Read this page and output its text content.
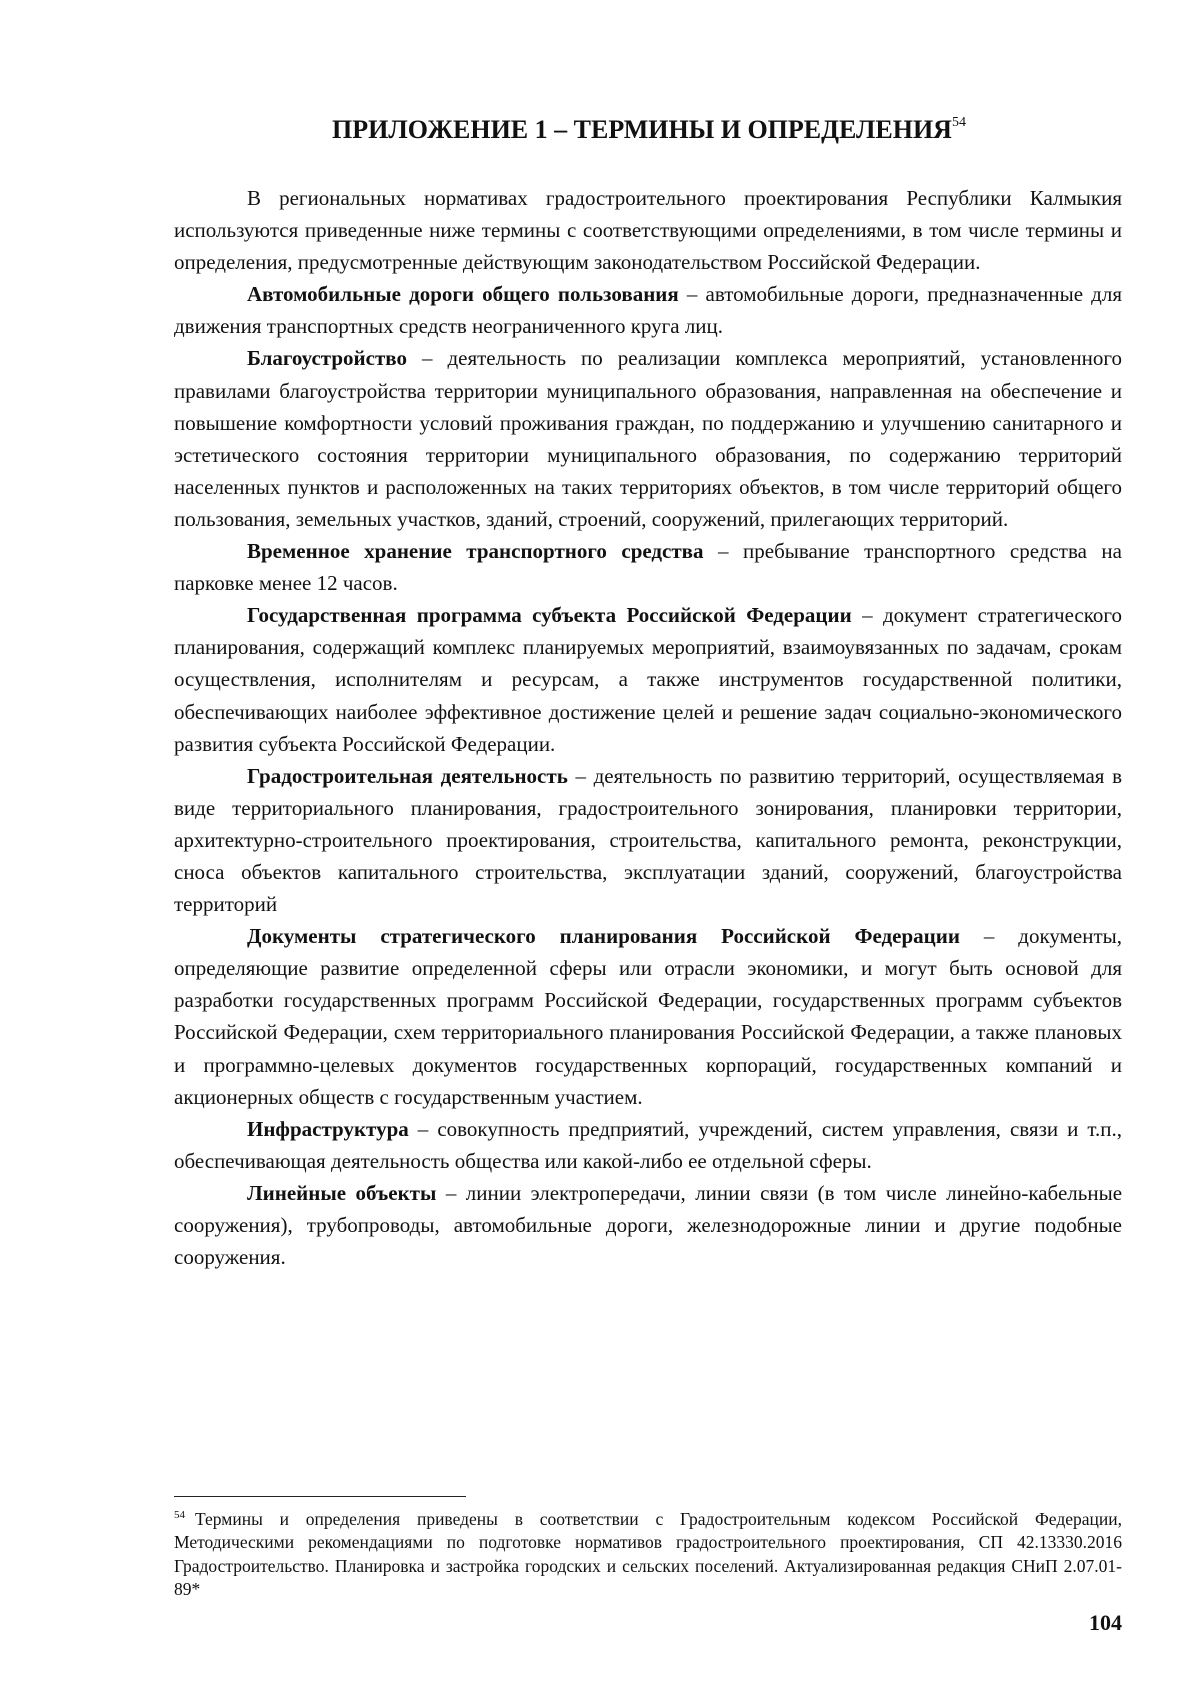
ПРИЛОЖЕНИЕ 1 – ТЕРМИНЫ И ОПРЕДЕЛЕНИЯ$^{54}$

В региональных нормативах градостроительного проектирования Республики Калмыкия используются приведенные ниже термины с соответствующими определениями, в том числе термины и определения, предусмотренные действующим законодательством Российской Федерации.

Автомобильные дороги общего пользования – автомобильные дороги, предназначенные для движения транспортных средств неограниченного круга лиц.

Благоустройство – деятельность по реализации комплекса мероприятий, установленного правилами благоустройства территории муниципального образования, направленная на обеспечение и повышение комфортности условий проживания граждан, по поддержанию и улучшению санитарного и эстетического состояния территории муниципального образования, по содержанию территорий населенных пунктов и расположенных на таких территориях объектов, в том числе территорий общего пользования, земельных участков, зданий, строений, сооружений, прилегающих территорий.

Временное хранение транспортного средства – пребывание транспортного средства на парковке менее 12 часов.

Государственная программа субъекта Российской Федерации – документ стратегического планирования, содержащий комплекс планируемых мероприятий, взаимоувязанных по задачам, срокам осуществления, исполнителям и ресурсам, а также инструментов государственной политики, обеспечивающих наиболее эффективное достижение целей и решение задач социально-экономического развития субъекта Российской Федерации.

Градостроительная деятельность – деятельность по развитию территорий, осуществляемая в виде территориального планирования, градостроительного зонирования, планировки территории, архитектурно-строительного проектирования, строительства, капитального ремонта, реконструкции, сноса объектов капитального строительства, эксплуатации зданий, сооружений, благоустройства территорий

Документы стратегического планирования Российской Федерации – документы, определяющие развитие определенной сферы или отрасли экономики, и могут быть основой для разработки государственных программ Российской Федерации, государственных программ субъектов Российской Федерации, схем территориального планирования Российской Федерации, а также плановых и программно-целевых документов государственных корпораций, государственных компаний и акционерных обществ с государственным участием.

Инфраструктура – совокупность предприятий, учреждений, систем управления, связи и т.п., обеспечивающая деятельность общества или какой-либо ее отдельной сферы.

Линейные объекты – линии электропередачи, линии связи (в том числе линейно-кабельные сооружения), трубопроводы, автомобильные дороги, железнодорожные линии и другие подобные сооружения.

$^{54}$ Термины и определения приведены в соответствии с Градостроительным кодексом Российской Федерации, Методическими рекомендациями по подготовке нормативов градостроительного проектирования, СП 42.13330.2016 Градостроительство. Планировка и застройка городских и сельских поселений. Актуализированная редакция СНиП 2.07.01-89*

104
